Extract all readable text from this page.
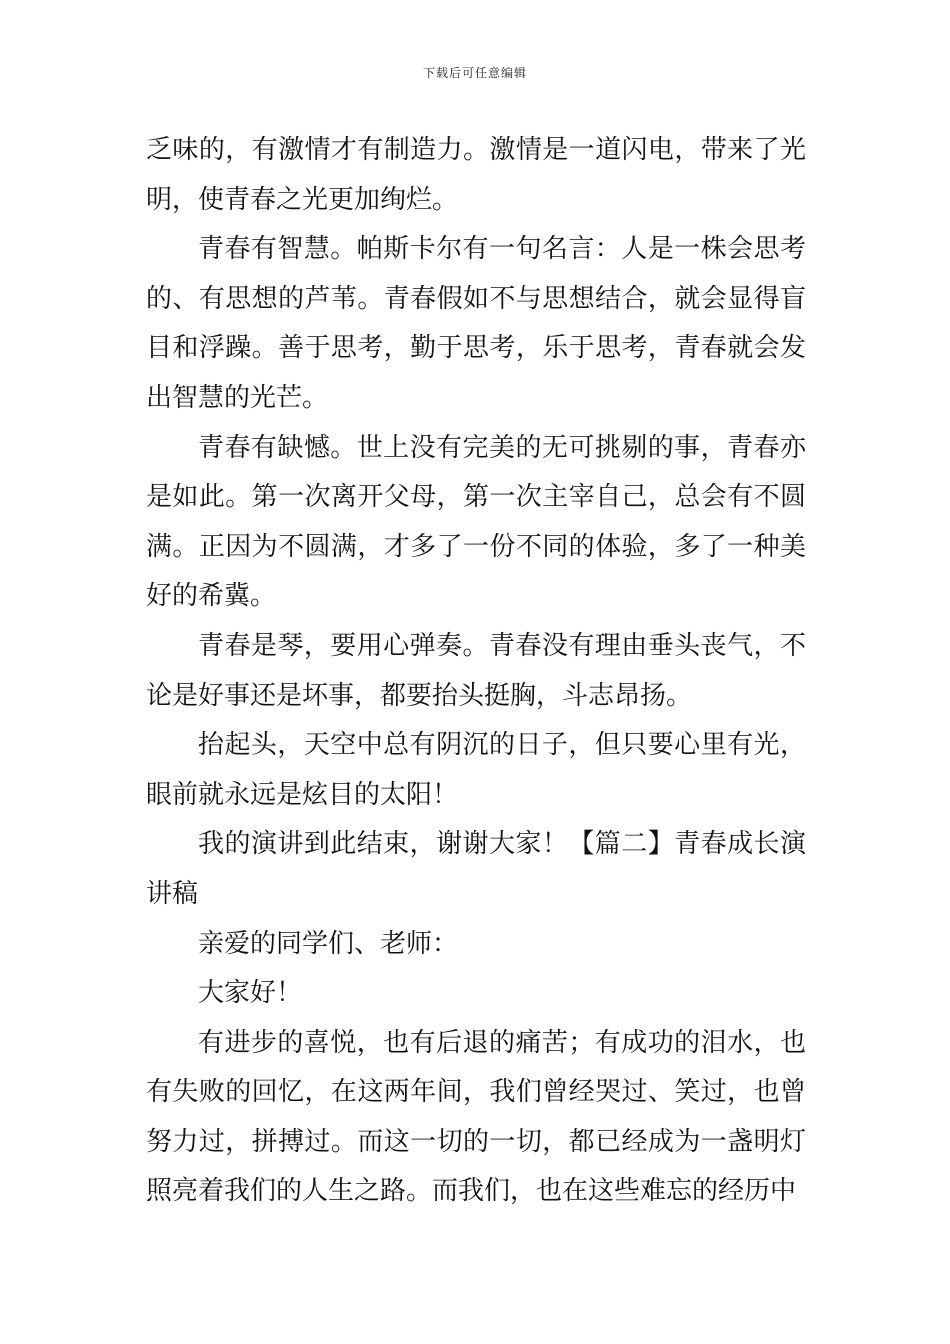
下载后可任意编辑

乏味的，有激情才有制造力。激情是一道闪电，带来了光明，使青春之光更加绚烂。

青春有智慧。帕斯卡尔有一句名言：人是一株会思考的、有思想的芦苇。青春假如不与思想结合，就会显得盲目和浮躁。善于思考，勤于思考，乐于思考，青春就会发出智慧的光芒。

青春有缺憾。世上没有完美的无可挑剔的事，青春亦是如此。第一次离开父母，第一次主宰自己，总会有不圆满。正因为不圆满，才多了一份不同的体验，多了一种美好的希冀。

青春是琴，要用心弹奏。青春没有理由垂头丧气，不论是好事还是坏事，都要抬头挺胸，斗志昂扬。

抬起头，天空中总有阴沉的日子，但只要心里有光，眼前就永远是炫目的太阳！

我的演讲到此结束，谢谢大家！【篇二】青春成长演讲稿

亲爱的同学们、老师：

大家好！

有进步的喜悦，也有后退的痛苦；有成功的泪水，也有失败的回忆，在这两年间，我们曾经哭过、笑过，也曾努力过，拼搏过。而这一切的一切，都已经成为一盏明灯照亮着我们的人生之路。而我们，也在这些难忘的经历中
